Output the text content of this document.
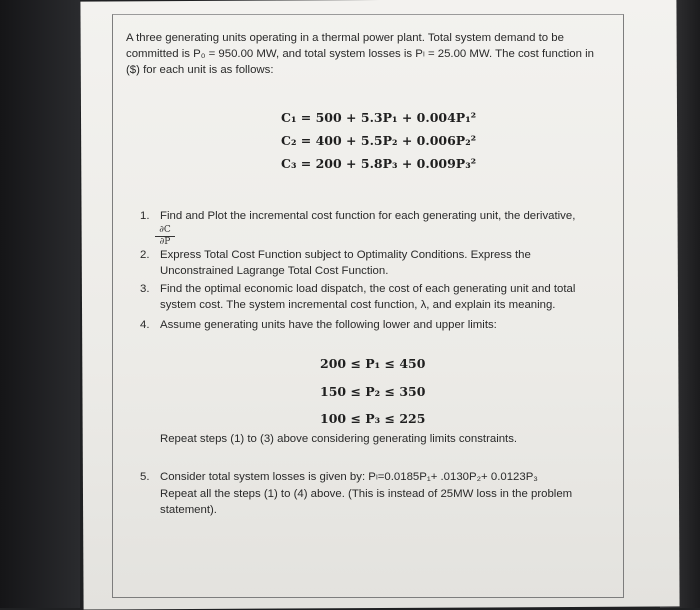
A three generating units operating in a thermal power plant. Total system demand to be committed is P₀ = 950.00 MW, and total system losses is Pₗ = 25.00 MW. The cost function in ($) for each unit is as follows:
C₁ = 500 + 5.3P₁ + 0.004P₁²
C₂ = 400 + 5.5P₂ + 0.006P₂²
C₃ = 200 + 5.8P₃ + 0.009P₃²
1. Find and Plot the incremental cost function for each generating unit, the derivative,
∂C
∂P
2. Express Total Cost Function subject to Optimality Conditions. Express the Unconstrained Lagrange Total Cost Function.
3. Find the optimal economic load dispatch, the cost of each generating unit and total system cost. The system incremental cost function, λ, and explain its meaning.
4. Assume generating units have the following lower and upper limits:
200 ≤ P₁ ≤ 450
150 ≤ P₂ ≤ 350
100 ≤ P₃ ≤ 225
Repeat steps (1) to (3) above considering generating limits constraints.
5. Consider total system losses is given by: Pₗ=0.0185P₁+ .0130P₂+ 0.0123P₃
Repeat all the steps (1) to (4) above. (This is instead of 25MW loss in the problem statement).
